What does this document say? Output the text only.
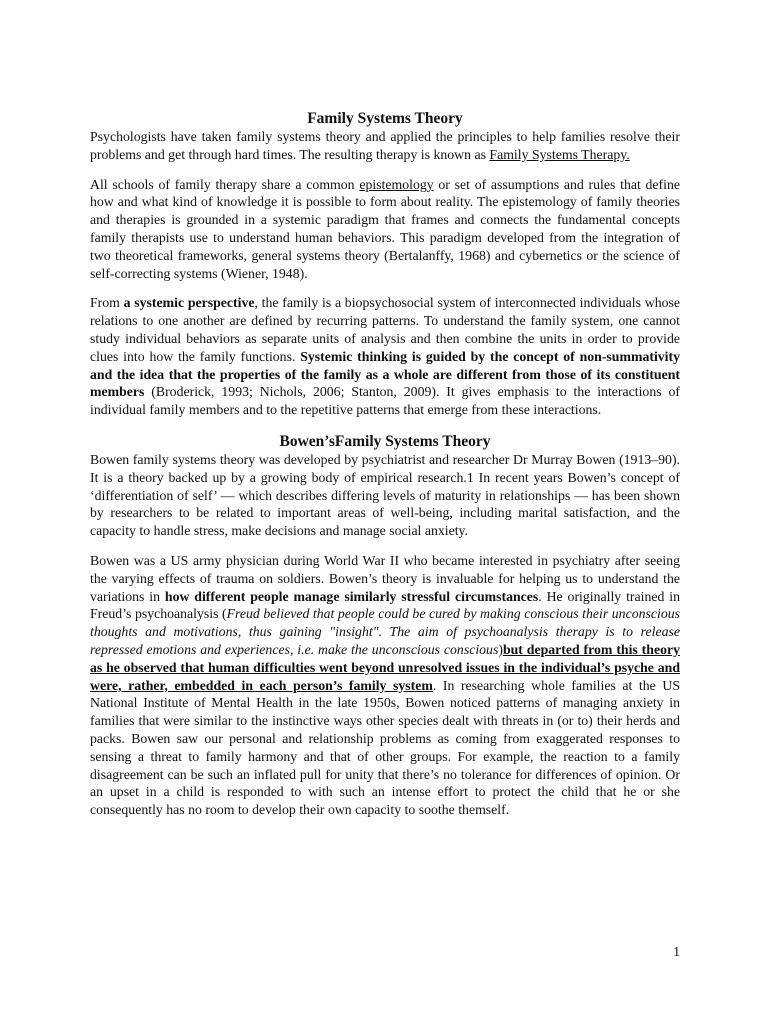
Family Systems Theory

Psychologists have taken family systems theory and applied the principles to help families resolve their problems and get through hard times. The resulting therapy is known as Family Systems Therapy.

All schools of family therapy share a common epistemology or set of assumptions and rules that define how and what kind of knowledge it is possible to form about reality. The epistemology of family theories and therapies is grounded in a systemic paradigm that frames and connects the fundamental concepts family therapists use to understand human behaviors. This paradigm developed from the integration of two theoretical frameworks, general systems theory (Bertalanffy, 1968) and cybernetics or the science of self-correcting systems (Wiener, 1948).

From a systemic perspective, the family is a biopsychosocial system of interconnected individuals whose relations to one another are defined by recurring patterns. To understand the family system, one cannot study individual behaviors as separate units of analysis and then combine the units in order to provide clues into how the family functions. Systemic thinking is guided by the concept of non-summativity and the idea that the properties of the family as a whole are different from those of its constituent members (Broderick, 1993; Nichols, 2006; Stanton, 2009). It gives emphasis to the interactions of individual family members and to the repetitive patterns that emerge from these interactions.

Bowen’sFamily Systems Theory

Bowen family systems theory was developed by psychiatrist and researcher Dr Murray Bowen (1913–90). It is a theory backed up by a growing body of empirical research.1 In recent years Bowen’s concept of ‘differentiation of self’ — which describes differing levels of maturity in relationships — has been shown by researchers to be related to important areas of well-being, including marital satisfaction, and the capacity to handle stress, make decisions and manage social anxiety.

Bowen was a US army physician during World War II who became interested in psychiatry after seeing the varying effects of trauma on soldiers. Bowen’s theory is invaluable for helping us to understand the variations in how different people manage similarly stressful circumstances. He originally trained in Freud’s psychoanalysis (Freud believed that people could be cured by making conscious their unconscious thoughts and motivations, thus gaining "insight". The aim of psychoanalysis therapy is to release repressed emotions and experiences, i.e. make the unconscious conscious)but departed from this theory as he observed that human difficulties went beyond unresolved issues in the individual’s psyche and were, rather, embedded in each person’s family system. In researching whole families at the US National Institute of Mental Health in the late 1950s, Bowen noticed patterns of managing anxiety in families that were similar to the instinctive ways other species dealt with threats in (or to) their herds and packs. Bowen saw our personal and relationship problems as coming from exaggerated responses to sensing a threat to family harmony and that of other groups. For example, the reaction to a family disagreement can be such an inflated pull for unity that there’s no tolerance for differences of opinion. Or an upset in a child is responded to with such an intense effort to protect the child that he or she consequently has no room to develop their own capacity to soothe themself.

1
